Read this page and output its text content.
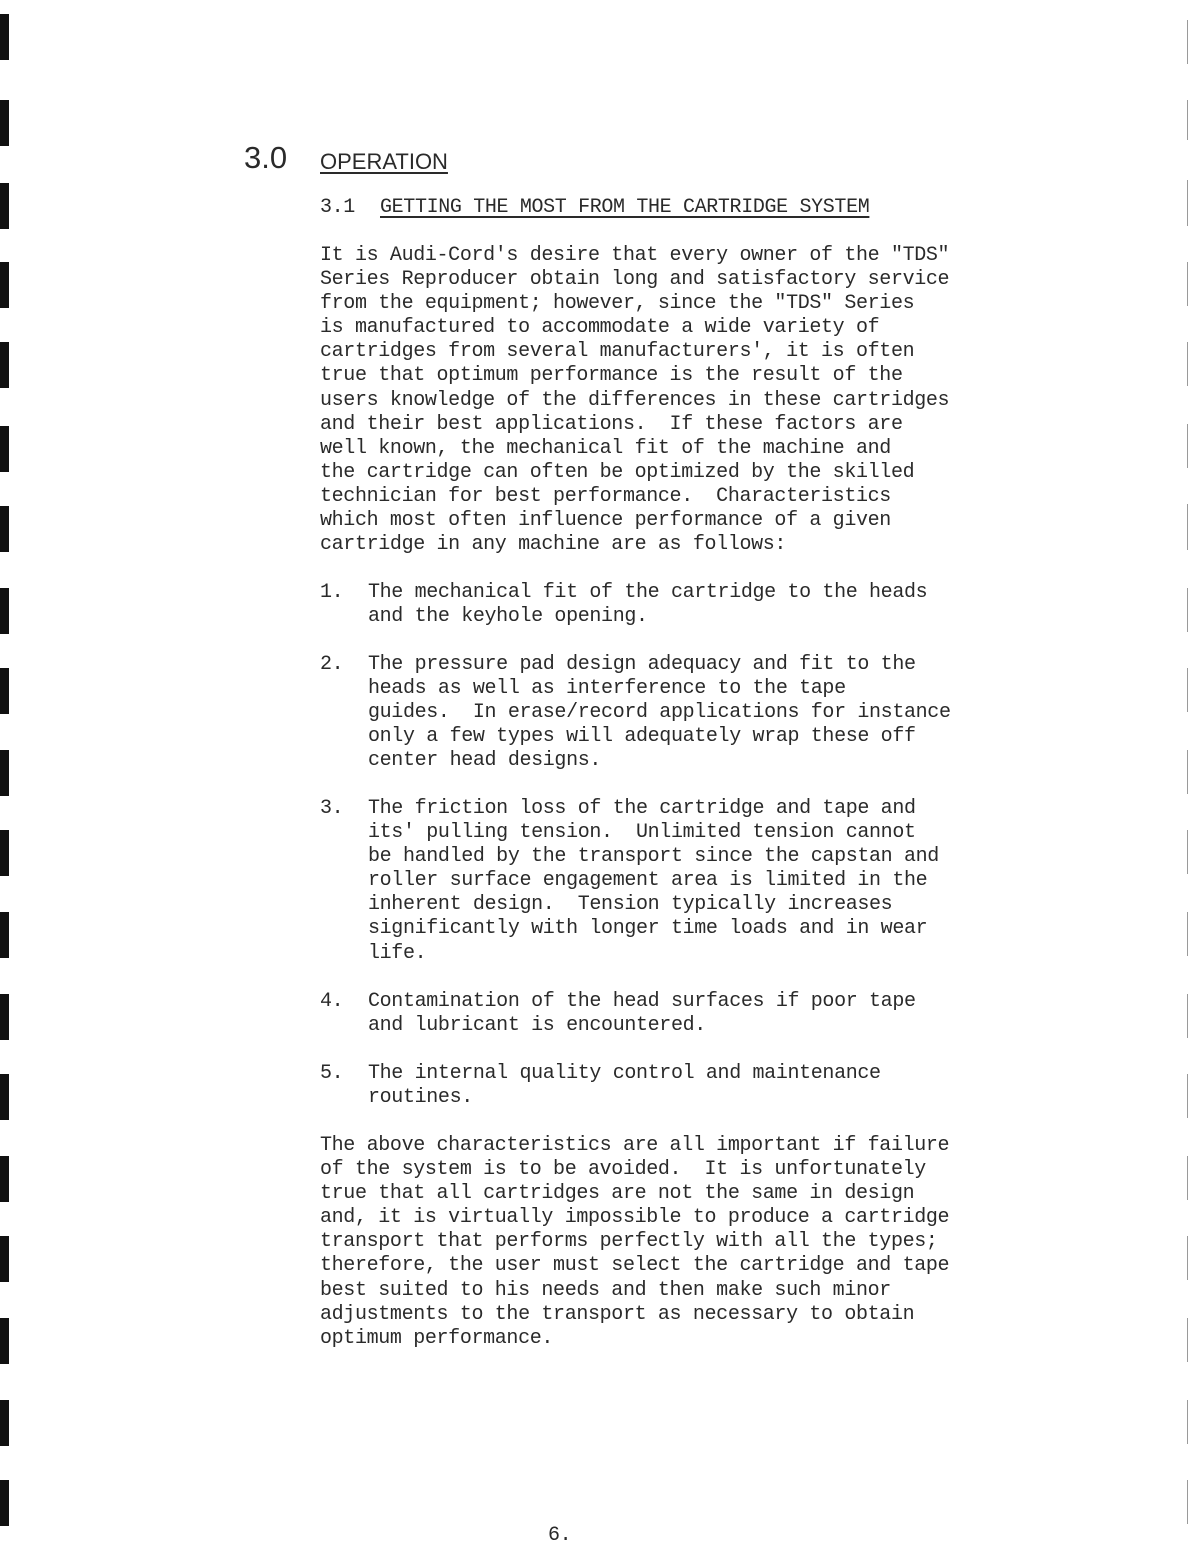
3.0 OPERATION
3.1 GETTING THE MOST FROM THE CARTRIDGE SYSTEM

It is Audi-Cord's desire that every owner of the "TDS"
Series Reproducer obtain long and satisfactory service
from the equipment; however, since the "TDS" Series
is manufactured to accommodate a wide variety of
cartridges from several manufacturers', it is often
true that optimum performance is the result of the
users knowledge of the differences in these cartridges
and their best applications.  If these factors are
well known, the mechanical fit of the machine and
the cartridge can often be optimized by the skilled
technician for best performance.  Characteristics
which most often influence performance of a given
cartridge in any machine are as follows:

1. The mechanical fit of the cartridge to the heads
and the keyhole opening.

2. The pressure pad design adequacy and fit to the
heads as well as interference to the tape
guides.  In erase/record applications for instance
only a few types will adequately wrap these off
center head designs.

3. The friction loss of the cartridge and tape and
its' pulling tension.  Unlimited tension cannot
be handled by the transport since the capstan and
roller surface engagement area is limited in the
inherent design.  Tension typically increases
significantly with longer time loads and in wear
life.

4. Contamination of the head surfaces if poor tape
and lubricant is encountered.

5. The internal quality control and maintenance
routines.

The above characteristics are all important if failure
of the system is to be avoided.  It is unfortunately
true that all cartridges are not the same in design
and, it is virtually impossible to produce a cartridge
transport that performs perfectly with all the types;
therefore, the user must select the cartridge and tape
best suited to his needs and then make such minor
adjustments to the transport as necessary to obtain
optimum performance.

6.
